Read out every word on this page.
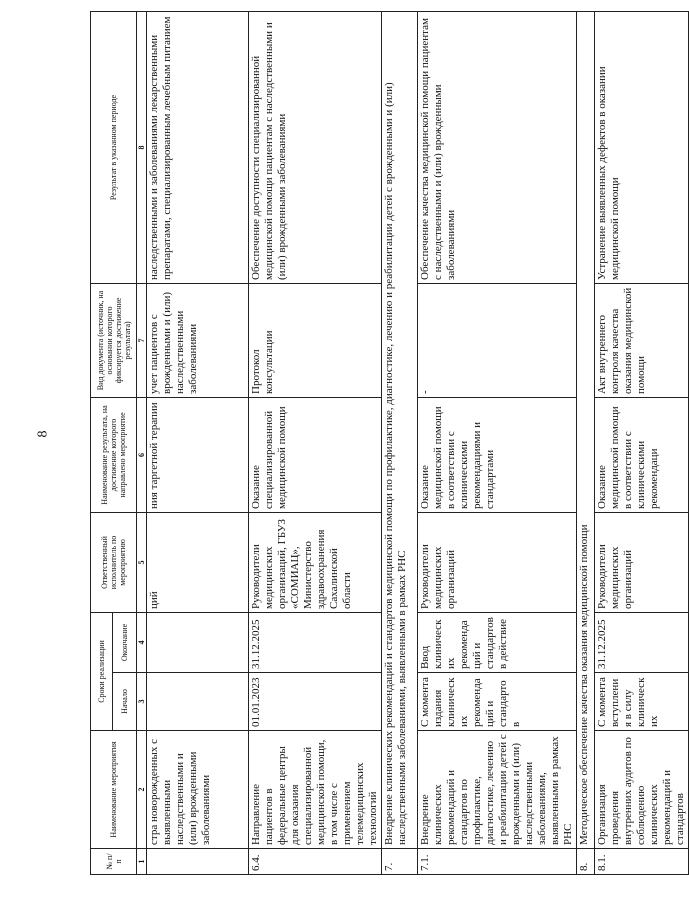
8
№ п/п	Наименование мероприятия	Сроки реализации		Ответственный исполнитель по мероприятию	Наименование результата, на достижение которого направлено мероприятие	Вид документа (источник, на основании которого фиксируется достижение результата)	Результат в указанном периоде
		Начало	Окончание				
1	2	3	4	5	6	7	8
	стра новорожденных с выявленными наследственными и (или) врожденными заболеваниями			ций	ния таргетной терапии	учет пациентов с врожденными и (или) наследственными заболеваниями	наследственными и заболеваниями лекарственными препаратами, специализированным лечебным питанием
6.4.	Направление пациентов в федеральные центры для оказания специализированной медицинской помощи, в том числе с применением телемедицинских технологий	01.01.2023	31.12.2025	Руководители медицинских организаций, ГБУЗ «СОМИАЦ», Министерство здравоохранения Сахалинской области	Оказание специализированной медицинской помощи	Протокол консультации	Обеспечение доступности специализированной медицинской помощи пациентам с наследственными и (или) врожденными заболеваниями
7.	Внедрение клинических рекомендаций и стандартов медицинской помощи по профилактике, диагностике, лечению и реабилитации детей с врожденными и (или) наследственными заболеваниями, выявленными в рамках РНС						
7.1.	Внедрение клинических рекомендаций и стандартов по профилактике, диагностике, лечению и реабилитации детей с врожденными и (или) наследственными заболеваниями, выявленными в рамках РНС	С момента издания клинических рекомендаций и стандартов	Ввод клинических рекомендаций и стандартов в действие	Руководители медицинских организаций	Оказание медицинской помощи в соответствии с клиническими рекомендациями и стандартами	-	Обеспечение качества медицинской помощи пациентам с наследственными и (или) врожденными заболеваниями
8.	Методическое обеспечение качества оказания медицинской помощи						
8.1.	Организация проведения внутренних аудитов по соблюдению клинических рекомендаций и стандартов	С момента вступления в силу клинических	31.12.2025	Руководители медицинских организаций	Оказание медицинской помощи в соответствии с клиническими рекомендаци	Акт внутреннего контроля качества оказания медицинской помощи	Устранение выявленных дефектов в оказании медицинской помощи
